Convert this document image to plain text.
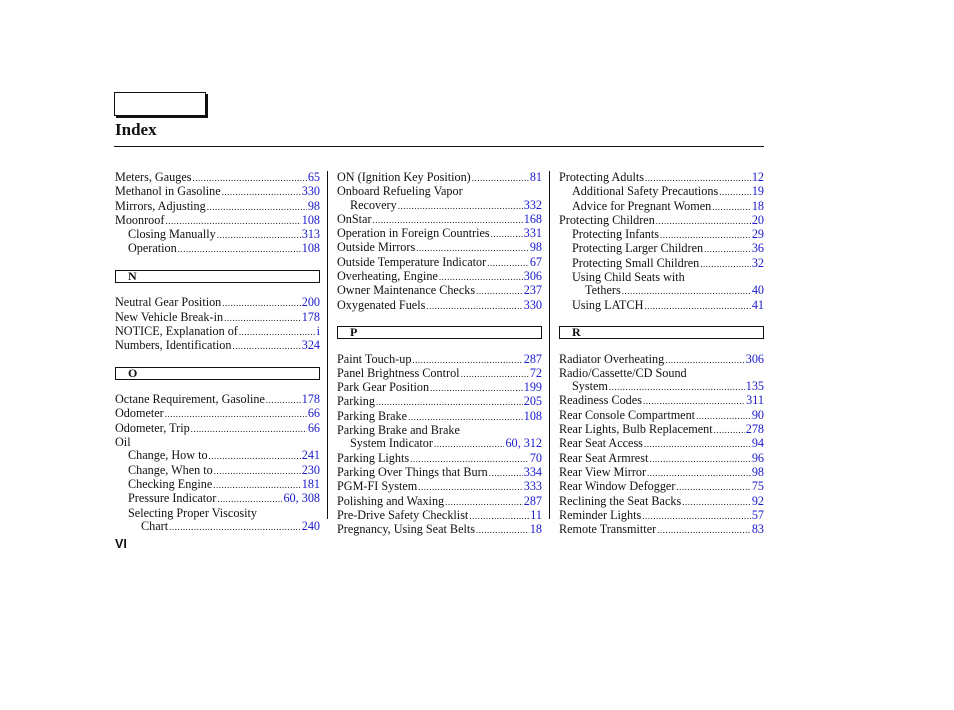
Index
Meters, Gauges .....	65
Methanol in Gasoline .....	330
Mirrors, Adjusting .....	98
Moonroof .....	108
Closing Manually .....	313
Operation .....	108
N
Neutral Gear Position .....	200
New Vehicle Break-in .....	178
NOTICE, Explanation of .....	i
Numbers, Identification .....	324
O
Octane Requirement, Gasoline .....	178
Odometer .....	66
Odometer, Trip .....	66
Oil
Change, How to .....	241
Change, When to .....	230
Checking Engine .....	181
Pressure Indicator .....	60, 308
Selecting Proper Viscosity
Chart .....	240
ON (Ignition Key Position) .....	81
Onboard Refueling Vapor
Recovery .....	332
OnStar .....	168
Operation in Foreign Countries .....	331
Outside Mirrors .....	98
Outside Temperature Indicator .....	67
Overheating, Engine .....	306
Owner Maintenance Checks .....	237
Oxygenated Fuels .....	330
P
Paint Touch-up .....	287
Panel Brightness Control .....	72
Park Gear Position .....	199
Parking .....	205
Parking Brake .....	108
Parking Brake and Brake
System Indicator .....	60, 312
Parking Lights .....	70
Parking Over Things that Burn .....	334
PGM-FI System .....	333
Polishing and Waxing .....	287
Pre-Drive Safety Checklist .....	11
Pregnancy, Using Seat Belts .....	18
Protecting Adults .....	12
Additional Safety Precautions .....	19
Advice for Pregnant Women .....	18
Protecting Children .....	20
Protecting Infants .....	29
Protecting Larger Children .....	36
Protecting Small Children .....	32
Using Child Seats with
Tethers .....	40
Using LATCH .....	41
R
Radiator Overheating .....	306
Radio/Cassette/CD Sound
System .....	135
Readiness Codes .....	311
Rear Console Compartment .....	90
Rear Lights, Bulb Replacement .....	278
Rear Seat Access .....	94
Rear Seat Armrest .....	96
Rear View Mirror .....	98
Rear Window Defogger .....	75
Reclining the Seat Backs .....	92
Reminder Lights .....	57
Remote Transmitter .....	83
VI
